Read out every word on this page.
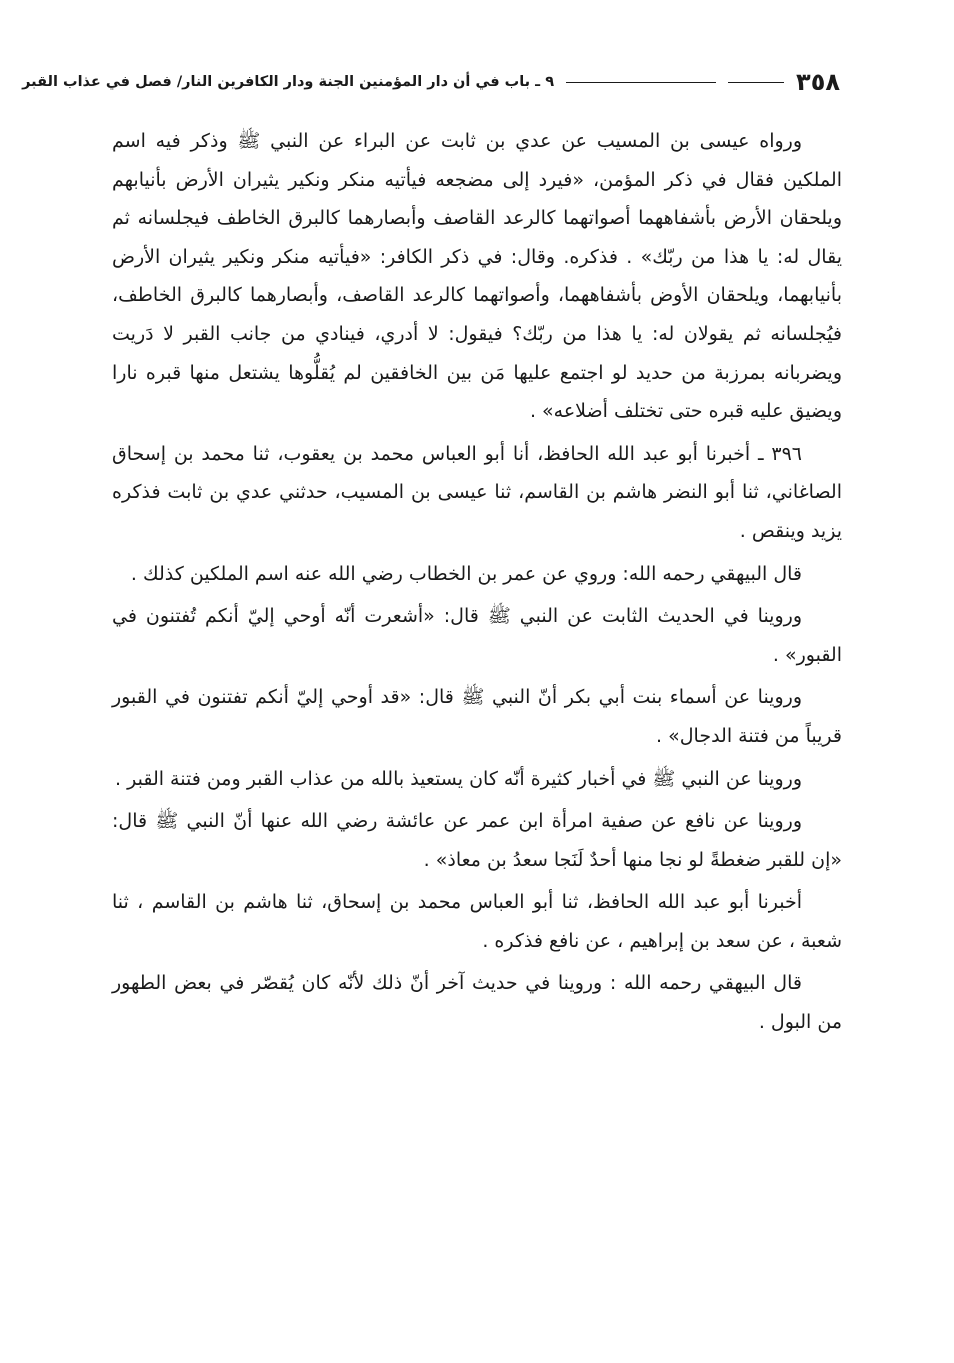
٣٥٨
٩ ـ باب في أن دار المؤمنين الجنة ودار الكافرين النار/ فصل في عذاب القبر

ورواه عيسى بن المسيب عن عدي بن ثابت عن البراء عن النبي ﷺ وذكر فيه اسم الملكين فقال في ذكر المؤمن، «فيرد إلى مضجعه فيأتيه منكر ونكير يثيران الأرض بأنيابهم ويلحقان الأرض بأشفاههما أصواتهما كالرعد القاصف وأبصارهما كالبرق الخاطف فيجلسانه ثم يقال له: يا هذا من ربّك» . فذكره. وقال: في ذكر الكافر: «فيأتيه منكر ونكير يثيران الأرض بأنيابهما، ويلحقان الأوض بأشفاههما، وأصواتهما كالرعد القاصف، وأبصارهما كالبرق الخاطف، فيُجلسانه ثم يقولان له: يا هذا من ربّك؟ فيقول: لا أدري، فينادي من جانب القبر لا دَريت ويضربانه بمرزبة من حديد لو اجتمع عليها مَن بين الخافقين لم يُقلُّوها يشتعل منها قبره نارا ويضيق عليه قبره حتى تختلف أضلاعه» .

٣٩٦ ـ أخبرنا أبو عبد الله الحافظ، أنا أبو العباس محمد بن يعقوب، ثنا محمد بن إسحاق الصاغاني، ثنا أبو النضر هاشم بن القاسم، ثنا عيسى بن المسيب، حدثني عدي بن ثابت فذكره يزيد وينقص .

قال البيهقي رحمه الله: وروي عن عمر بن الخطاب رضي الله عنه اسم الملكين كذلك .

وروينا في الحديث الثابت عن النبي ﷺ قال: «أشعرت أنّه أوحي إليّ أنكم تُفتنون في القبور» .

وروينا عن أسماء بنت أبي بكر أنّ النبي ﷺ قال: «قد أوحي إليّ أنكم تفتنون في القبور قريباً من فتنة الدجال» .

وروينا عن النبي ﷺ في أخبار كثيرة أنّه كان يستعيذ بالله من عذاب القبر ومن فتنة القبر .

وروينا عن نافع عن صفية امرأة ابن عمر عن عائشة رضي الله عنها أنّ النبي ﷺ قال: «إن للقبر ضغطةً لو نجا منها أحدٌ لَنَجا سعدُ بن معاذ» .

أخبرنا أبو عبد الله الحافظ، ثنا أبو العباس محمد بن إسحاق، ثنا هاشم بن القاسم ، ثنا شعبة ، عن سعد بن إبراهيم ، عن نافع فذكره .

قال البيهقي رحمه الله : وروينا في حديث آخر أنّ ذلك لأنّه كان يُقصّر في بعض الطهور من البول .
